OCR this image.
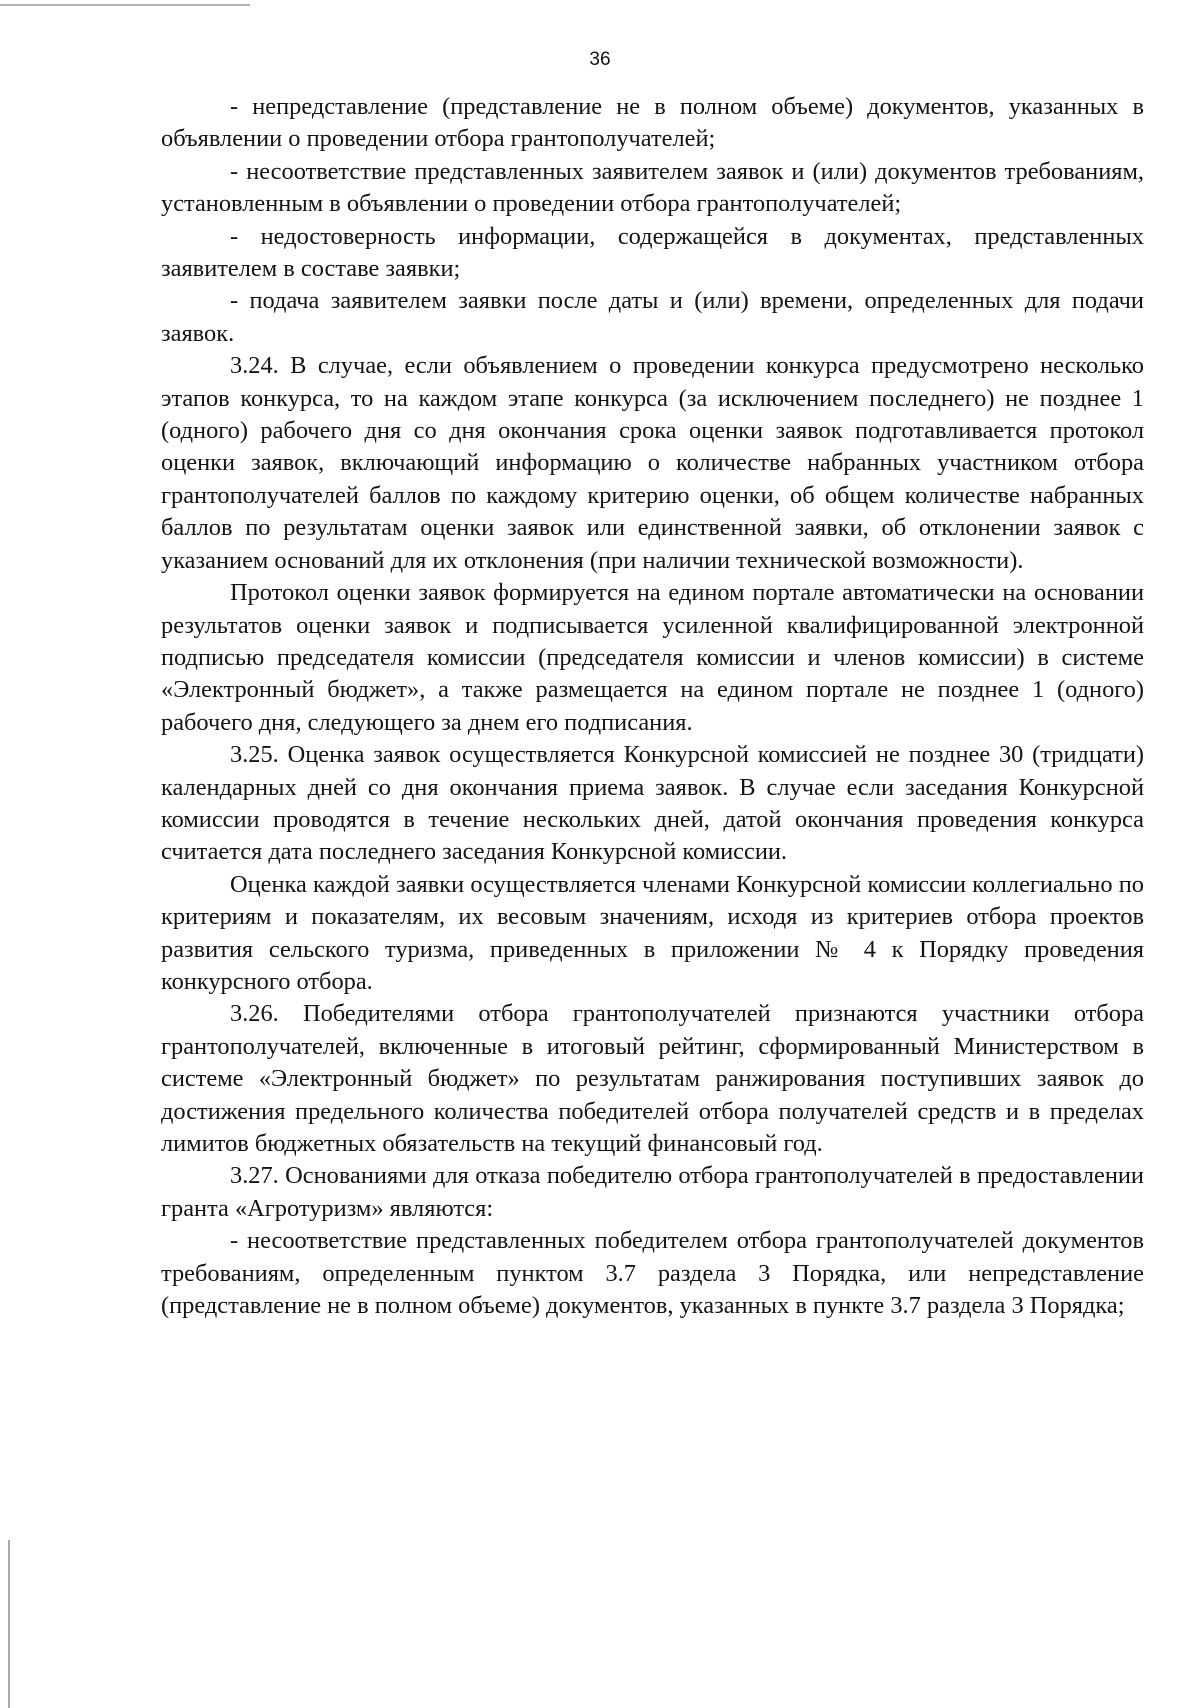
36

- непредставление (представление не в полном объеме) документов, указанных в объявлении о проведении отбора грантополучателей;

- несоответствие представленных заявителем заявок и (или) документов требованиям, установленным в объявлении о проведении отбора грантополучателей;

- недостоверность информации, содержащейся в документах, представленных заявителем в составе заявки;

- подача заявителем заявки после даты и (или) времени, определенных для подачи заявок.

3.24. В случае, если объявлением о проведении конкурса предусмотрено несколько этапов конкурса, то на каждом этапе конкурса (за исключением последнего) не позднее 1 (одного) рабочего дня со дня окончания срока оценки заявок подготавливается протокол оценки заявок, включающий информацию о количестве набранных участником отбора грантополучателей баллов по каждому критерию оценки, об общем количестве набранных баллов по результатам оценки заявок или единственной заявки, об отклонении заявок с указанием оснований для их отклонения (при наличии технической возможности).

Протокол оценки заявок формируется на едином портале автоматически на основании результатов оценки заявок и подписывается усиленной квалифицированной электронной подписью председателя комиссии (председателя комиссии и членов комиссии) в системе «Электронный бюджет», а также размещается на едином портале не позднее 1 (одного) рабочего дня, следующего за днем его подписания.

3.25. Оценка заявок осуществляется Конкурсной комиссией не позднее 30 (тридцати) календарных дней со дня окончания приема заявок. В случае если заседания Конкурсной комиссии проводятся в течение нескольких дней, датой окончания проведения конкурса считается дата последнего заседания Конкурсной комиссии.

Оценка каждой заявки осуществляется членами Конкурсной комиссии коллегиально по критериям и показателям, их весовым значениям, исходя из критериев отбора проектов развития сельского туризма, приведенных в приложении № 4 к Порядку проведения конкурсного отбора.

3.26. Победителями отбора грантополучателей признаются участники отбора грантополучателей, включенные в итоговый рейтинг, сформированный Министерством в системе «Электронный бюджет» по результатам ранжирования поступивших заявок до достижения предельного количества победителей отбора получателей средств и в пределах лимитов бюджетных обязательств на текущий финансовый год.

3.27. Основаниями для отказа победителю отбора грантополучателей в предоставлении гранта «Агротуризм» являются:

- несоответствие представленных победителем отбора грантополучателей документов требованиям, определенным пунктом 3.7 раздела 3 Порядка, или непредставление (представление не в полном объеме) документов, указанных в пункте 3.7 раздела 3 Порядка;
